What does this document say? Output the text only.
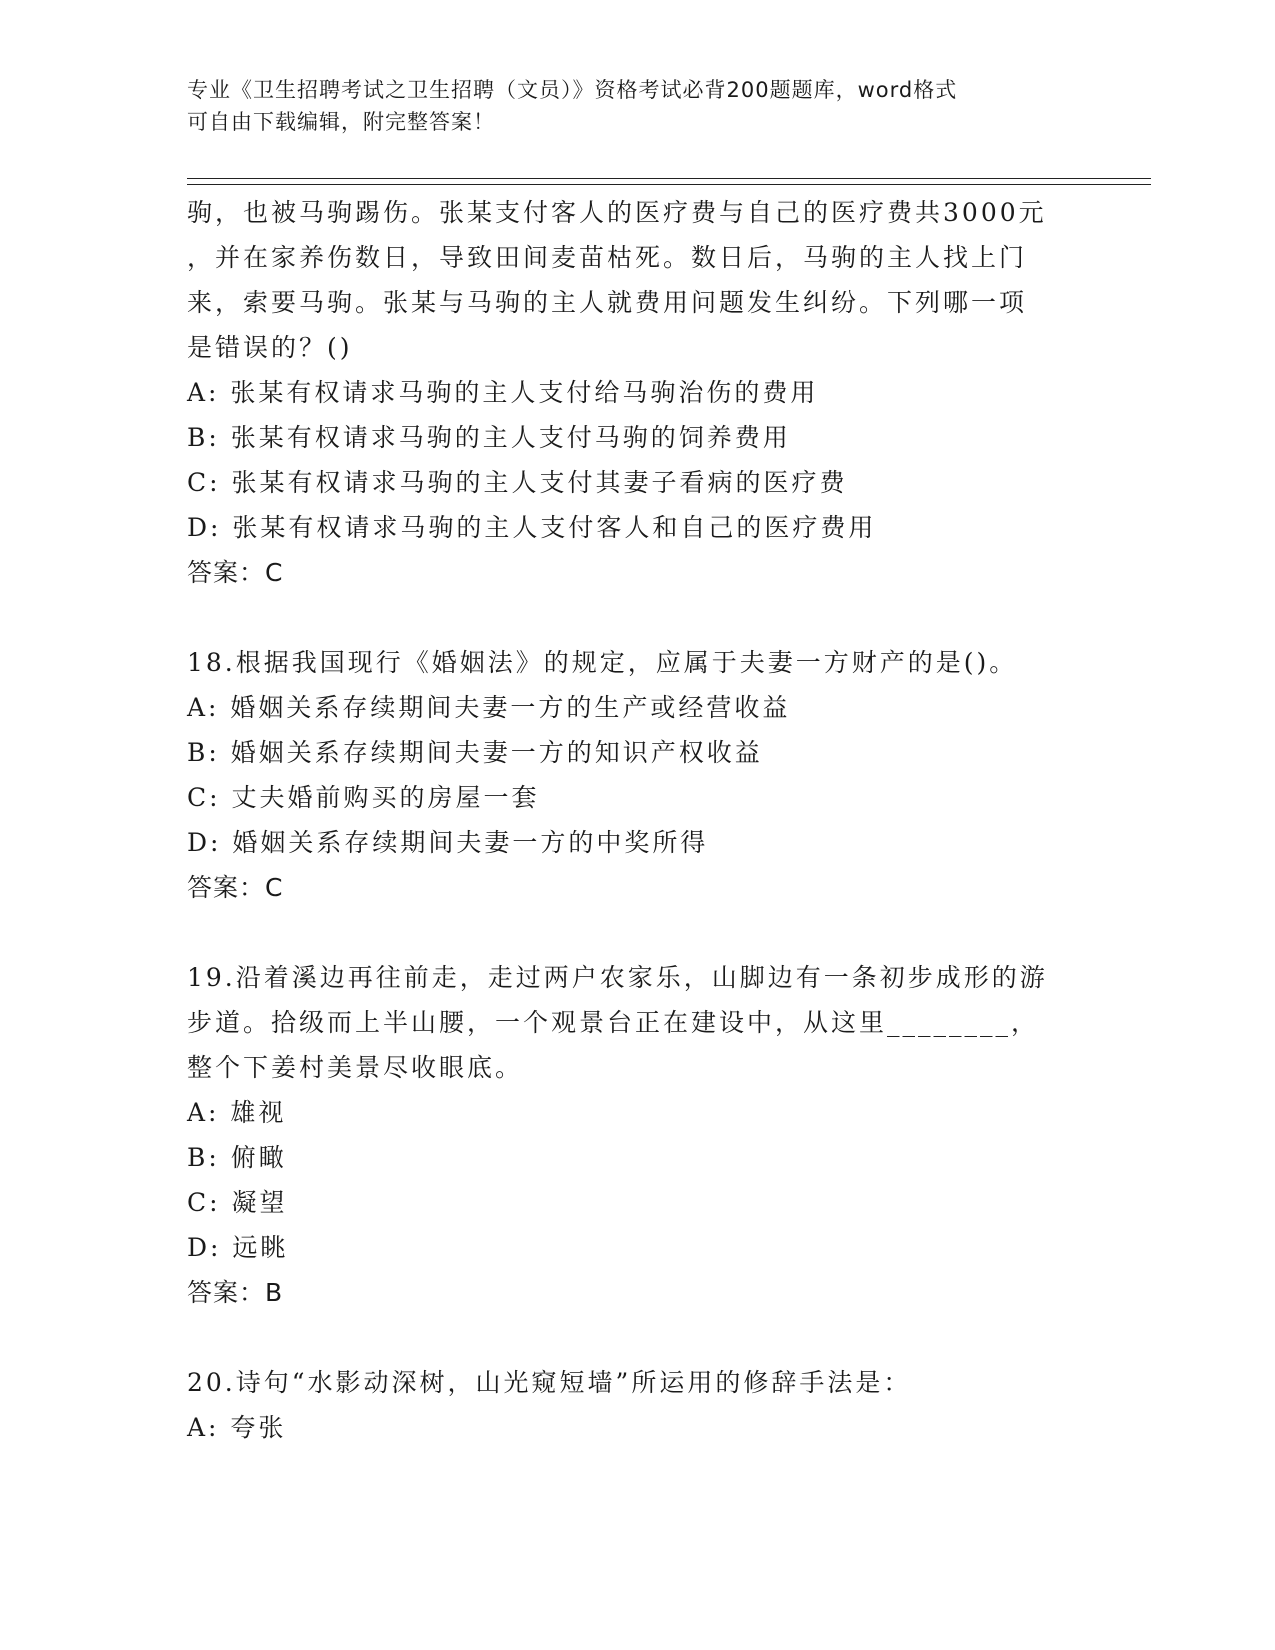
专业《卫生招聘考试之卫生招聘（文员）》资格考试必背200题题库，word格式
可自由下载编辑，附完整答案！
驹，也被马驹踢伤。张某支付客人的医疗费与自己的医疗费共3000元
，并在家养伤数日，导致田间麦苗枯死。数日后，马驹的主人找上门
来，索要马驹。张某与马驹的主人就费用问题发生纠纷。下列哪一项
是错误的？()
A: 张某有权请求马驹的主人支付给马驹治伤的费用
B: 张某有权请求马驹的主人支付马驹的饲养费用
C: 张某有权请求马驹的主人支付其妻子看病的医疗费
D: 张某有权请求马驹的主人支付客人和自己的医疗费用
答案：C
18.根据我国现行《婚姻法》的规定，应属于夫妻一方财产的是()。
A: 婚姻关系存续期间夫妻一方的生产或经营收益
B: 婚姻关系存续期间夫妻一方的知识产权收益
C: 丈夫婚前购买的房屋一套
D: 婚姻关系存续期间夫妻一方的中奖所得
答案：C
19.沿着溪边再往前走，走过两户农家乐，山脚边有一条初步成形的游
步道。拾级而上半山腰，一个观景台正在建设中，从这里________，
整个下姜村美景尽收眼底。
A: 雄视
B: 俯瞰
C: 凝望
D: 远眺
答案：B
20.诗句“水影动深树，山光窥短墙”所运用的修辞手法是：
A: 夸张
